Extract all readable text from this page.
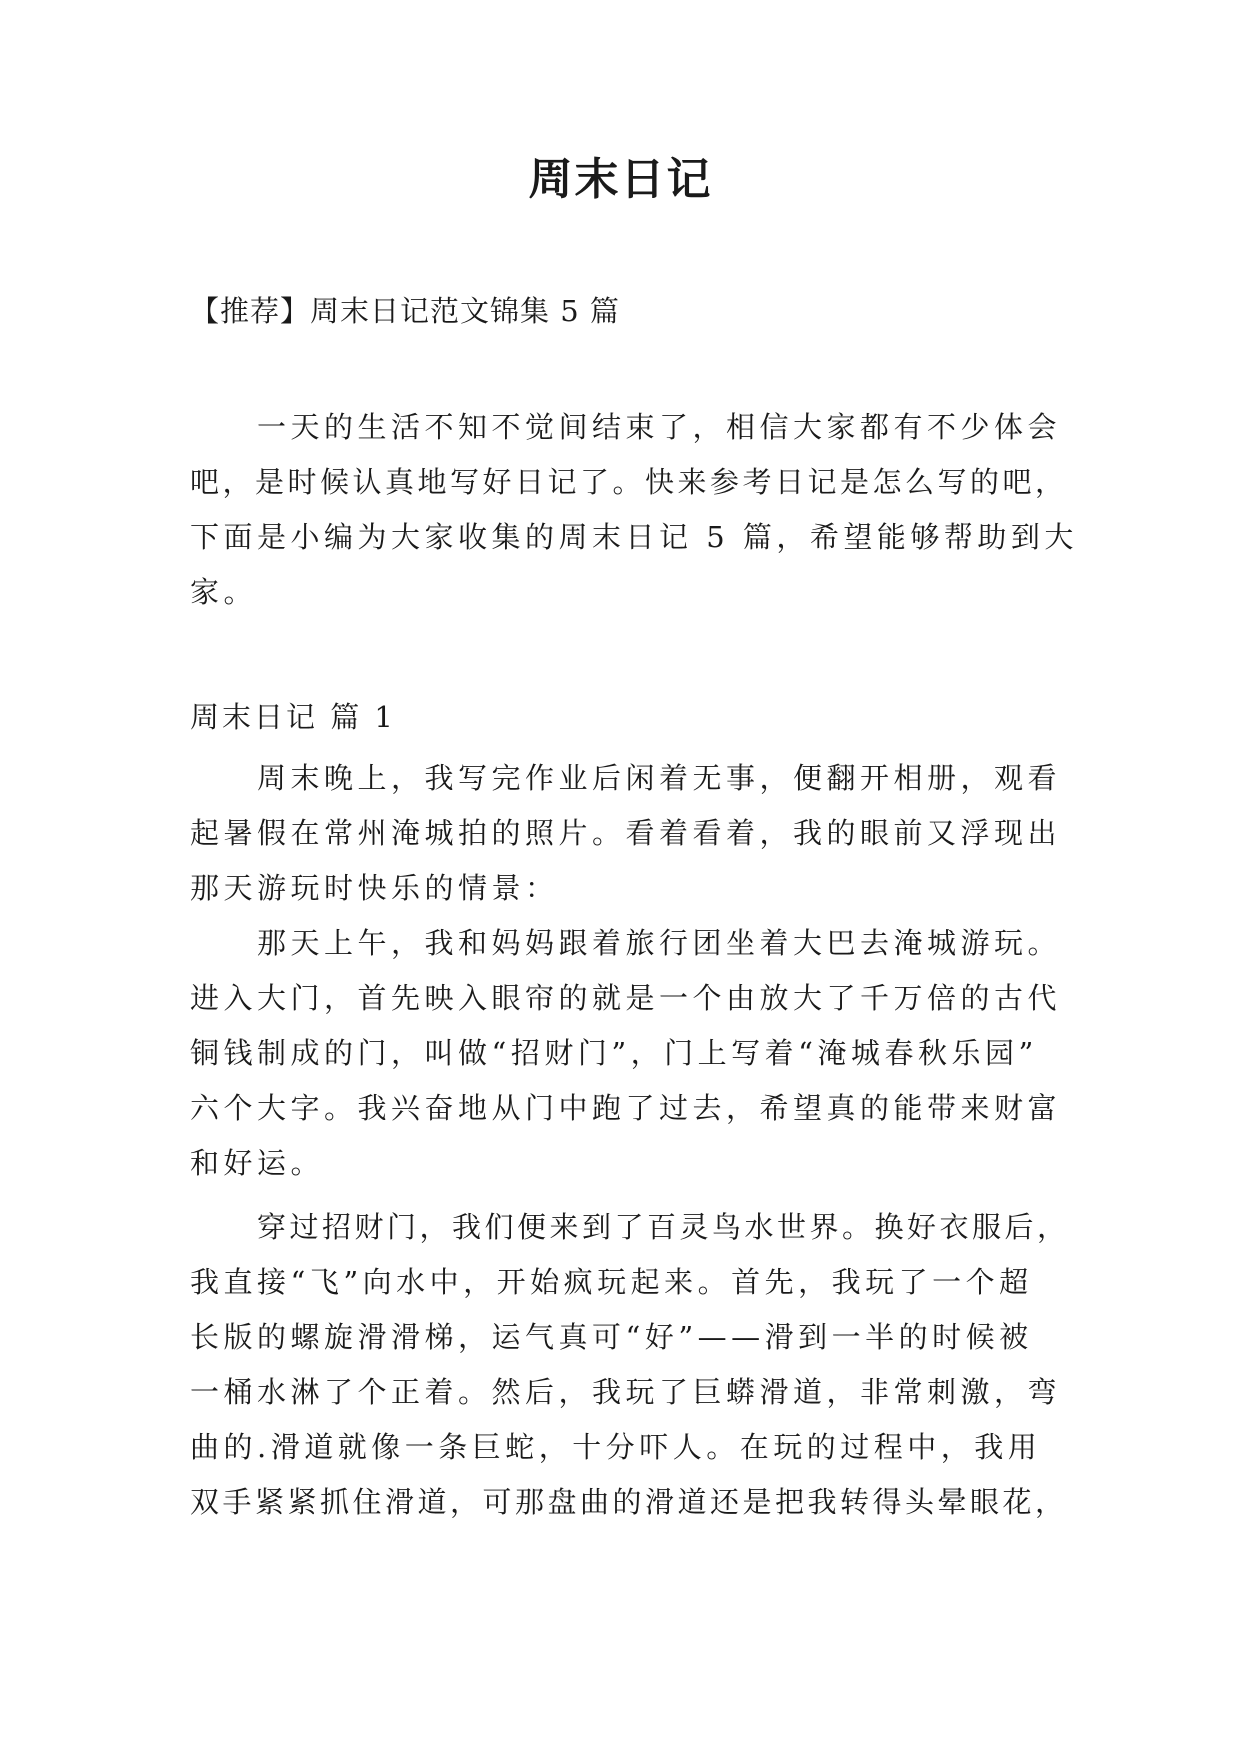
周末日记

【推荐】周末日记范文锦集 5 篇

一天的生活不知不觉间结束了，相信大家都有不少体会

吧，是时候认真地写好日记了。快来参考日记是怎么写的吧，

下面是小编为大家收集的周末日记 5 篇，希望能够帮助到大

家。

周末日记 篇 1

周末晚上，我写完作业后闲着无事，便翻开相册，观看

起暑假在常州淹城拍的照片。看着看着，我的眼前又浮现出

那天游玩时快乐的情景：

那天上午，我和妈妈跟着旅行团坐着大巴去淹城游玩。

进入大门，首先映入眼帘的就是一个由放大了千万倍的古代

铜钱制成的门，叫做“招财门”，门上写着“淹城春秋乐园”

六个大字。我兴奋地从门中跑了过去，希望真的能带来财富

和好运。

穿过招财门，我们便来到了百灵鸟水世界。换好衣服后，

我直接“飞”向水中，开始疯玩起来。首先，我玩了一个超

长版的螺旋滑滑梯，运气真可“好”——滑到一半的时候被

一桶水淋了个正着。然后，我玩了巨蟒滑道，非常刺激，弯

曲的.滑道就像一条巨蛇，十分吓人。在玩的过程中，我用

双手紧紧抓住滑道，可那盘曲的滑道还是把我转得头晕眼花，
